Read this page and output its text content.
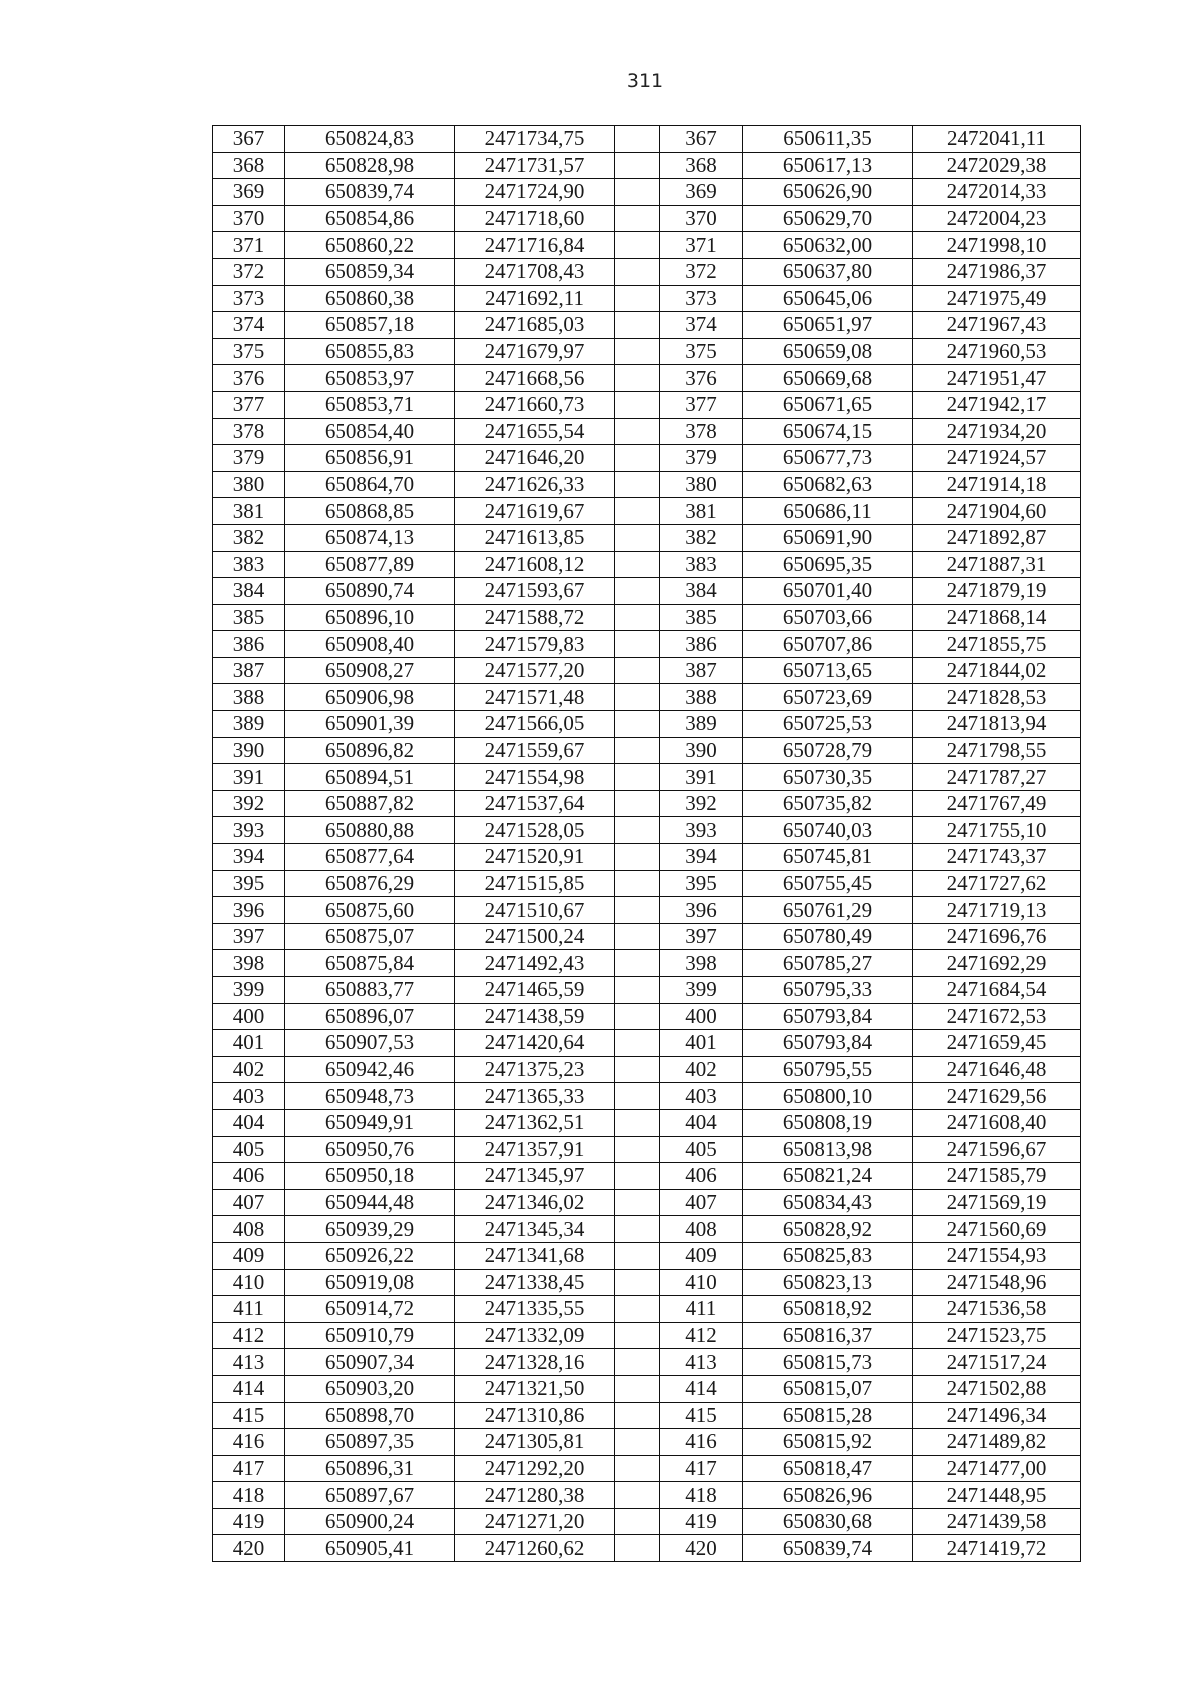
311
367	650824,83	2471734,75		367	650611,35	2472041,11
368	650828,98	2471731,57		368	650617,13	2472029,38
369	650839,74	2471724,90		369	650626,90	2472014,33
370	650854,86	2471718,60		370	650629,70	2472004,23
371	650860,22	2471716,84		371	650632,00	2471998,10
372	650859,34	2471708,43		372	650637,80	2471986,37
373	650860,38	2471692,11		373	650645,06	2471975,49
374	650857,18	2471685,03		374	650651,97	2471967,43
375	650855,83	2471679,97		375	650659,08	2471960,53
376	650853,97	2471668,56		376	650669,68	2471951,47
377	650853,71	2471660,73		377	650671,65	2471942,17
378	650854,40	2471655,54		378	650674,15	2471934,20
379	650856,91	2471646,20		379	650677,73	2471924,57
380	650864,70	2471626,33		380	650682,63	2471914,18
381	650868,85	2471619,67		381	650686,11	2471904,60
382	650874,13	2471613,85		382	650691,90	2471892,87
383	650877,89	2471608,12		383	650695,35	2471887,31
384	650890,74	2471593,67		384	650701,40	2471879,19
385	650896,10	2471588,72		385	650703,66	2471868,14
386	650908,40	2471579,83		386	650707,86	2471855,75
387	650908,27	2471577,20		387	650713,65	2471844,02
388	650906,98	2471571,48		388	650723,69	2471828,53
389	650901,39	2471566,05		389	650725,53	2471813,94
390	650896,82	2471559,67		390	650728,79	2471798,55
391	650894,51	2471554,98		391	650730,35	2471787,27
392	650887,82	2471537,64		392	650735,82	2471767,49
393	650880,88	2471528,05		393	650740,03	2471755,10
394	650877,64	2471520,91		394	650745,81	2471743,37
395	650876,29	2471515,85		395	650755,45	2471727,62
396	650875,60	2471510,67		396	650761,29	2471719,13
397	650875,07	2471500,24		397	650780,49	2471696,76
398	650875,84	2471492,43		398	650785,27	2471692,29
399	650883,77	2471465,59		399	650795,33	2471684,54
400	650896,07	2471438,59		400	650793,84	2471672,53
401	650907,53	2471420,64		401	650793,84	2471659,45
402	650942,46	2471375,23		402	650795,55	2471646,48
403	650948,73	2471365,33		403	650800,10	2471629,56
404	650949,91	2471362,51		404	650808,19	2471608,40
405	650950,76	2471357,91		405	650813,98	2471596,67
406	650950,18	2471345,97		406	650821,24	2471585,79
407	650944,48	2471346,02		407	650834,43	2471569,19
408	650939,29	2471345,34		408	650828,92	2471560,69
409	650926,22	2471341,68		409	650825,83	2471554,93
410	650919,08	2471338,45		410	650823,13	2471548,96
411	650914,72	2471335,55		411	650818,92	2471536,58
412	650910,79	2471332,09		412	650816,37	2471523,75
413	650907,34	2471328,16		413	650815,73	2471517,24
414	650903,20	2471321,50		414	650815,07	2471502,88
415	650898,70	2471310,86		415	650815,28	2471496,34
416	650897,35	2471305,81		416	650815,92	2471489,82
417	650896,31	2471292,20		417	650818,47	2471477,00
418	650897,67	2471280,38		418	650826,96	2471448,95
419	650900,24	2471271,20		419	650830,68	2471439,58
420	650905,41	2471260,62		420	650839,74	2471419,72
